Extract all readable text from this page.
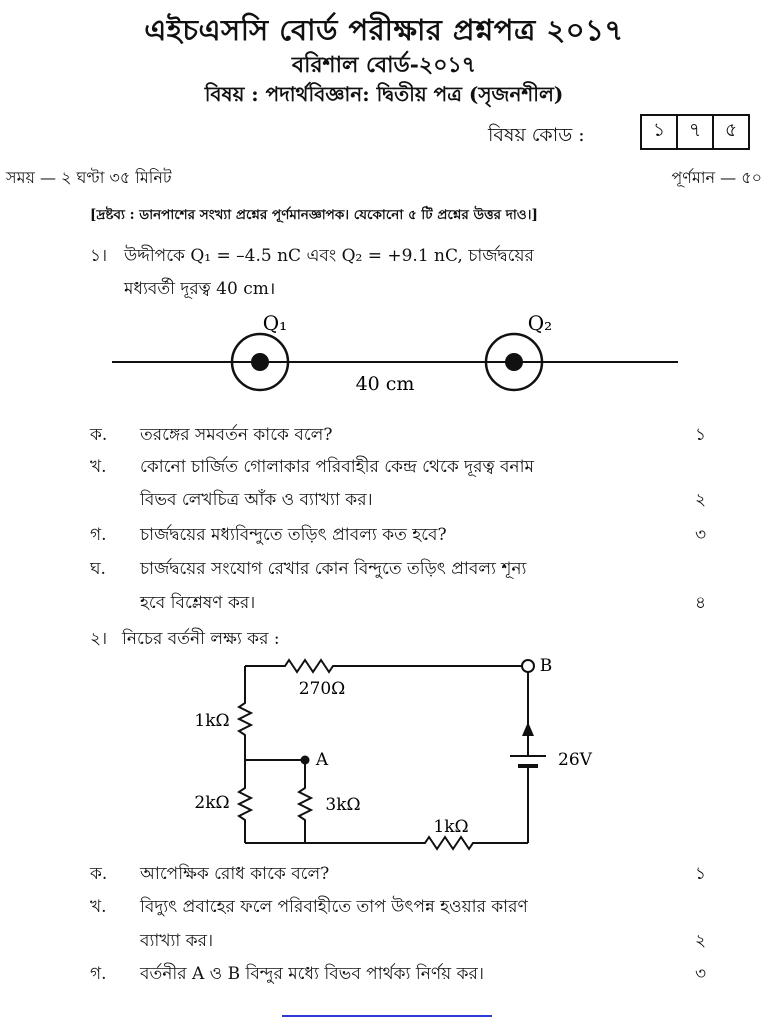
এইচএসসি বোর্ড পরীক্ষার প্রশ্নপত্র ২০১৭
বরিশাল বোর্ড-২০১৭
বিষয় : পদার্থবিজ্ঞান: দ্বিতীয় পত্র (সৃজনশীল)
বিষয় কোড :	১	৭	৫
সময় — ২ ঘণ্টা ৩৫ মিনিট	পূর্ণমান — ৫০
[দ্রষ্টব্য : ডানপাশের সংখ্যা প্রশ্নের পূর্ণমানজ্ঞাপক। যেকোনো ৫ টি প্রশ্নের উত্তর দাও।]
১। উদ্দীপকে Q₁ = –4.5 nC এবং Q₂ = +9.1 nC, চার্জদ্বয়ের
মধ্যবর্তী দূরত্ব 40 cm।
Q₁	Q₂
40 cm
ক. তরঙ্গের সমবর্তন কাকে বলে?	১
খ. কোনো চার্জিত গোলাকার পরিবাহীর কেন্দ্র থেকে দূরত্ব বনাম
বিভব লেখচিত্র আঁক ও ব্যাখ্যা কর।	২
গ. চার্জদ্বয়ের মধ্যবিন্দুতে তড়িৎ প্রাবল্য কত হবে?	৩
ঘ. চার্জদ্বয়ের সংযোগ রেখার কোন বিন্দুতে তড়িৎ প্রাবল্য শূন্য
হবে বিশ্লেষণ কর।	৪
২। নিচের বর্তনী লক্ষ্য কর :
270Ω
1kΩ
2kΩ	3kΩ
1kΩ
26V
A
B
ক. আপেক্ষিক রোধ কাকে বলে?	১
খ. বিদ্যুৎ প্রবাহের ফলে পরিবাহীতে তাপ উৎপন্ন হওয়ার কারণ
ব্যাখ্যা কর।	২
গ. বর্তনীর A ও B বিন্দুর মধ্যে বিভব পার্থক্য নির্ণয় কর।	৩
